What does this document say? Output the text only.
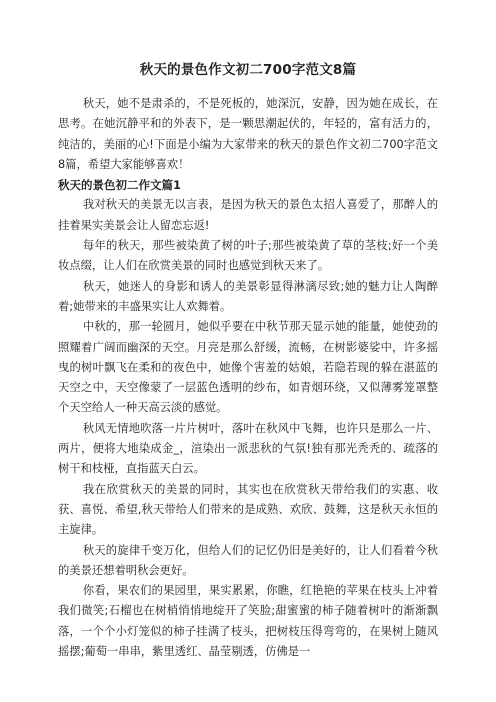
秋天的景色作文初二700字范文8篇

秋天，她不是肃杀的，不是死板的，她深沉，安静，因为她在成长，在思考。在她沉静平和的外表下，是一颗思潮起伏的，年轻的，富有活力的，纯洁的，美丽的心!下面是小编为大家带来的秋天的景色作文初二700字范文8篇，希望大家能够喜欢！

秋天的景色初二作文篇1

我对秋天的美景无以言表，是因为秋天的景色太招人喜爱了，那醉人的挂着果实美景会让人留恋忘返!

每年的秋天，那些被染黄了树的叶子;那些被染黄了草的茎枝;好一个美妆点缀，让人们在欣赏美景的同时也感觉到秋天来了。

秋天，她迷人的身影和诱人的美景彰显得淋漓尽致;她的魅力让人陶醉着;她带来的丰盛果实让人欢舞着。

中秋的，那一轮圆月，她似乎要在中秋节那天显示她的能量，她使劲的照耀着广阔而幽深的天空。月亮是那么舒缓，流畅，在树影婆娑中，许多摇曳的树叶飘飞在柔和的夜色中，她像个害羞的姑娘，若隐若现的躲在湛蓝的天空之中，天空像蒙了一层蓝色透明的纱布，如青烟环绕，又似薄雾笼罩整个天空给人一种天高云淡的感觉。

秋风无情地吹落一片片树叶，落叶在秋风中飞舞，也许只是那么一片、两片，便将大地染成金_，渲染出一派悲秋的气氛!独有那光秃秃的、疏落的树干和枝桠，直指蓝天白云。

我在欣赏秋天的美景的同时，其实也在欣赏秋天带给我们的实惠、收获、喜悦、希望,秋天带给人们带来的是成熟、欢欣、鼓舞，这是秋天永恒的主旋律。

秋天的旋律千变万化，但给人们的记忆仍旧是美好的，让人们看着今秋的美景还想着明秋会更好。

你看，果农们的果园里，果实累累，你瞧，红艳艳的苹果在枝头上冲着我们微笑;石榴也在树梢悄悄地绽开了笑脸;甜蜜蜜的柿子随着树叶的渐渐飘落，一个个小灯笼似的柿子挂满了枝头，把树枝压得弯弯的，在果树上随风摇摆;葡萄一串串，紫里透红、晶莹剔透，仿佛是一
